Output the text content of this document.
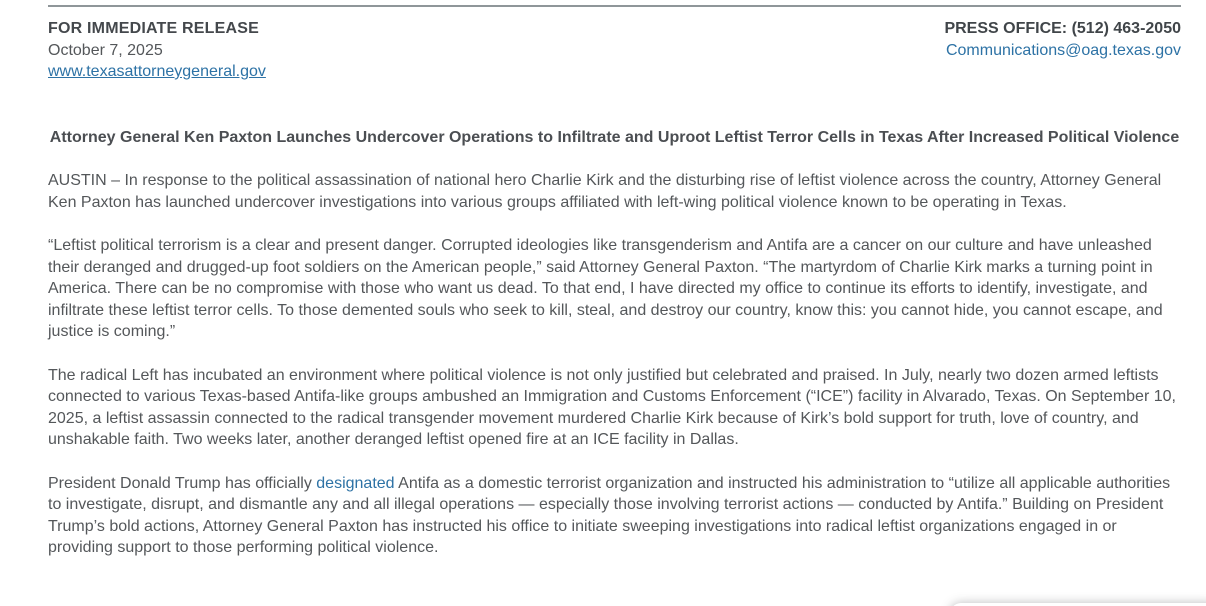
FOR IMMEDIATE RELEASE
October 7, 2025
www.texasattorneygeneral.gov
PRESS OFFICE: (512) 463-2050
Communications@oag.texas.gov
Attorney General Ken Paxton Launches Undercover Operations to Infiltrate and Uproot Leftist Terror Cells in Texas After Increased Political Violence

AUSTIN – In response to the political assassination of national hero Charlie Kirk and the disturbing rise of leftist violence across the country, Attorney General Ken Paxton has launched undercover investigations into various groups affiliated with left-wing political violence known to be operating in Texas.

“Leftist political terrorism is a clear and present danger. Corrupted ideologies like transgenderism and Antifa are a cancer on our culture and have unleashed their deranged and drugged-up foot soldiers on the American people,” said Attorney General Paxton. “The martyrdom of Charlie Kirk marks a turning point in America. There can be no compromise with those who want us dead. To that end, I have directed my office to continue its efforts to identify, investigate, and infiltrate these leftist terror cells. To those demented souls who seek to kill, steal, and destroy our country, know this: you cannot hide, you cannot escape, and justice is coming.”

The radical Left has incubated an environment where political violence is not only justified but celebrated and praised. In July, nearly two dozen armed leftists connected to various Texas-based Antifa-like groups ambushed an Immigration and Customs Enforcement (“ICE”) facility in Alvarado, Texas. On September 10, 2025, a leftist assassin connected to the radical transgender movement murdered Charlie Kirk because of Kirk’s bold support for truth, love of country, and unshakable faith. Two weeks later, another deranged leftist opened fire at an ICE facility in Dallas.

President Donald Trump has officially designated Antifa as a domestic terrorist organization and instructed his administration to “utilize all applicable authorities to investigate, disrupt, and dismantle any and all illegal operations — especially those involving terrorist actions — conducted by Antifa.” Building on President Trump’s bold actions, Attorney General Paxton has instructed his office to initiate sweeping investigations into radical leftist organizations engaged in or providing support to those performing political violence.
